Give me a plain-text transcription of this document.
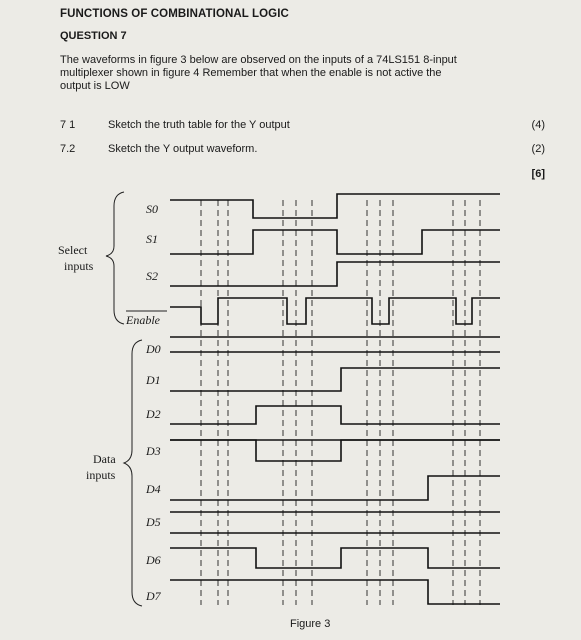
FUNCTIONS OF COMBINATIONAL LOGIC
QUESTION 7
The waveforms in figure 3 below are observed on the inputs of a 74LS151 8-input
multiplexer shown in figure 4 Remember that when the enable is not active the
output is LOW
7 1	Sketch the truth table for the Y output	(4)
7.2	Sketch the Y output waveform.	(2)
[6]
Select
inputs
Data
inputs
S0
S1
S2
Enable
D0
D1
D2
D3
D4
D5
D6
D7
Figure 3
